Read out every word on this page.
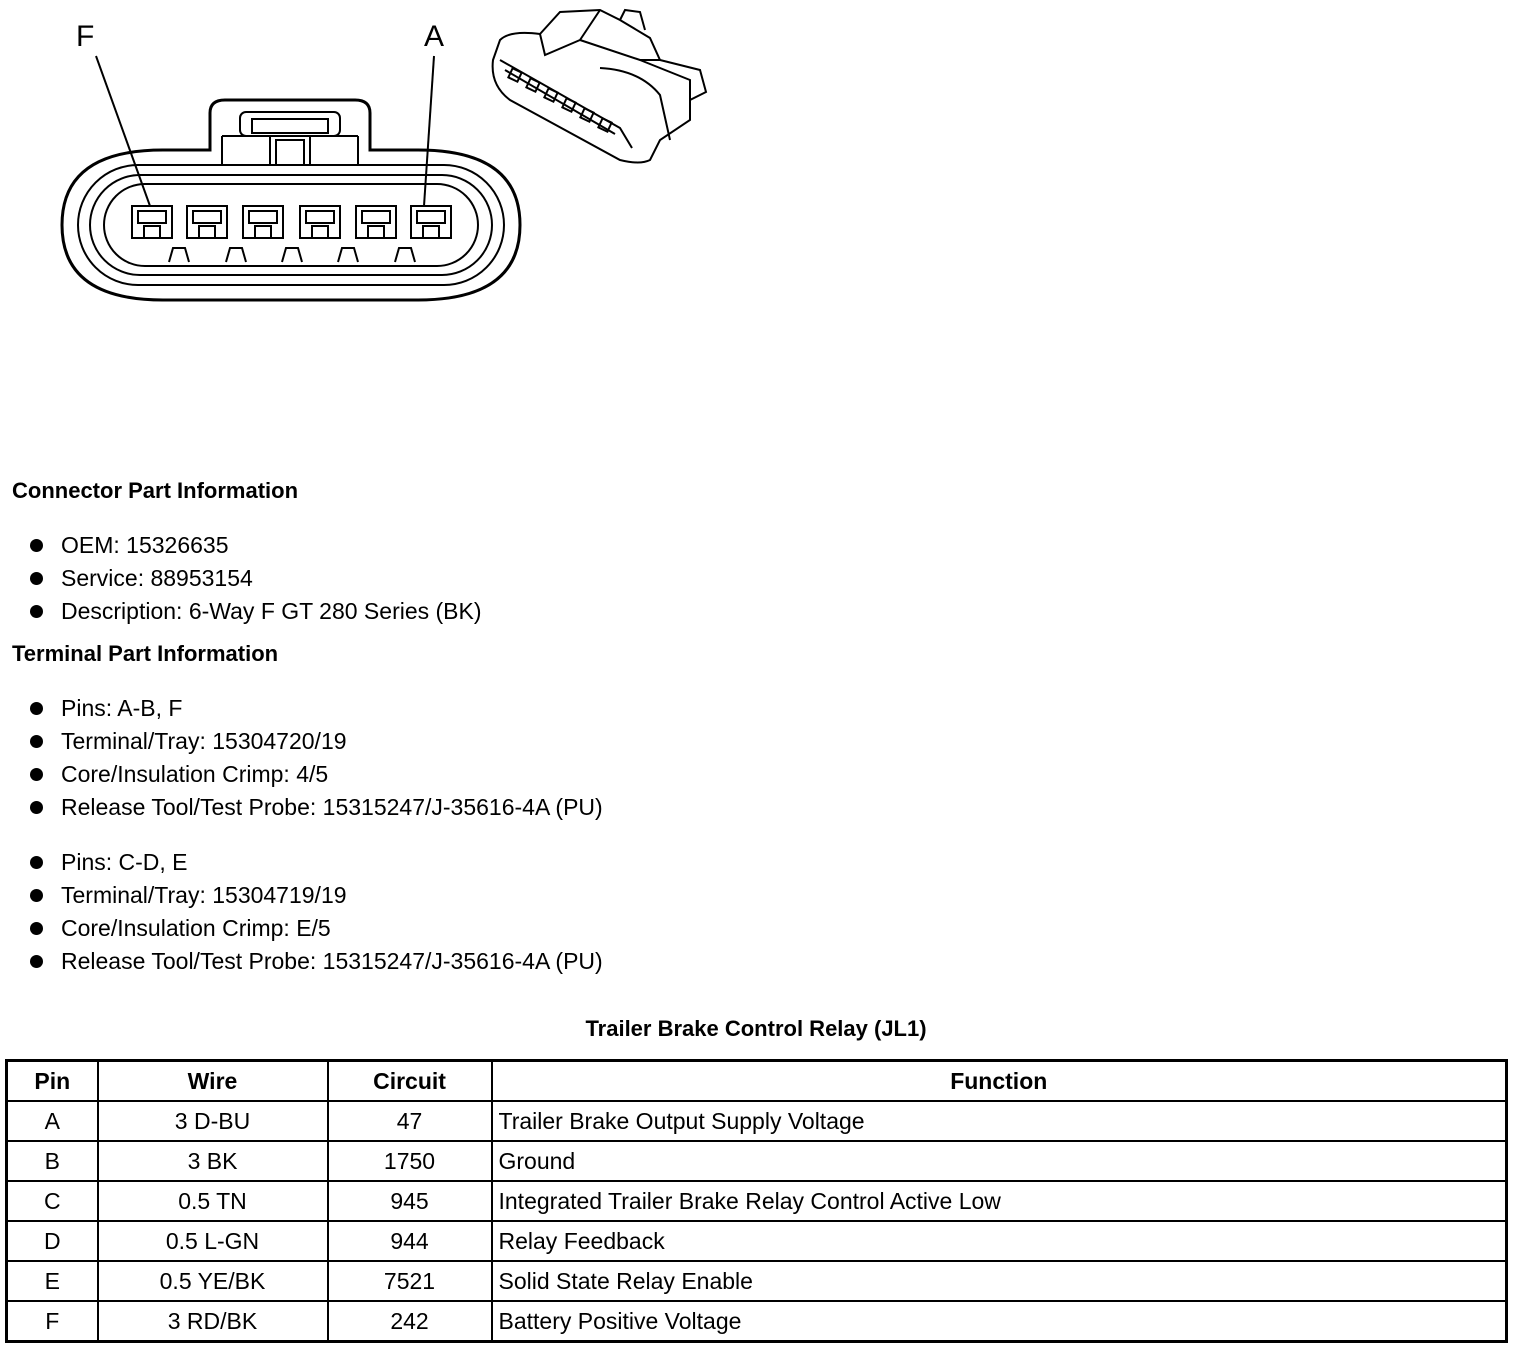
F	A
Connector Part Information
OEM: 15326635
Service: 88953154
Description: 6-Way F GT 280 Series (BK)
Terminal Part Information
Pins: A-B, F
Terminal/Tray: 15304720/19
Core/Insulation Crimp: 4/5
Release Tool/Test Probe: 15315247/J-35616-4A (PU)
Pins: C-D, E
Terminal/Tray: 15304719/19
Core/Insulation Crimp: E/5
Release Tool/Test Probe: 15315247/J-35616-4A (PU)
Trailer Brake Control Relay (JL1)
Pin	Wire	Circuit	Function
A	3 D-BU	47	Trailer Brake Output Supply Voltage
B	3 BK	1750	Ground
C	0.5 TN	945	Integrated Trailer Brake Relay Control Active Low
D	0.5 L-GN	944	Relay Feedback
E	0.5 YE/BK	7521	Solid State Relay Enable
F	3 RD/BK	242	Battery Positive Voltage
